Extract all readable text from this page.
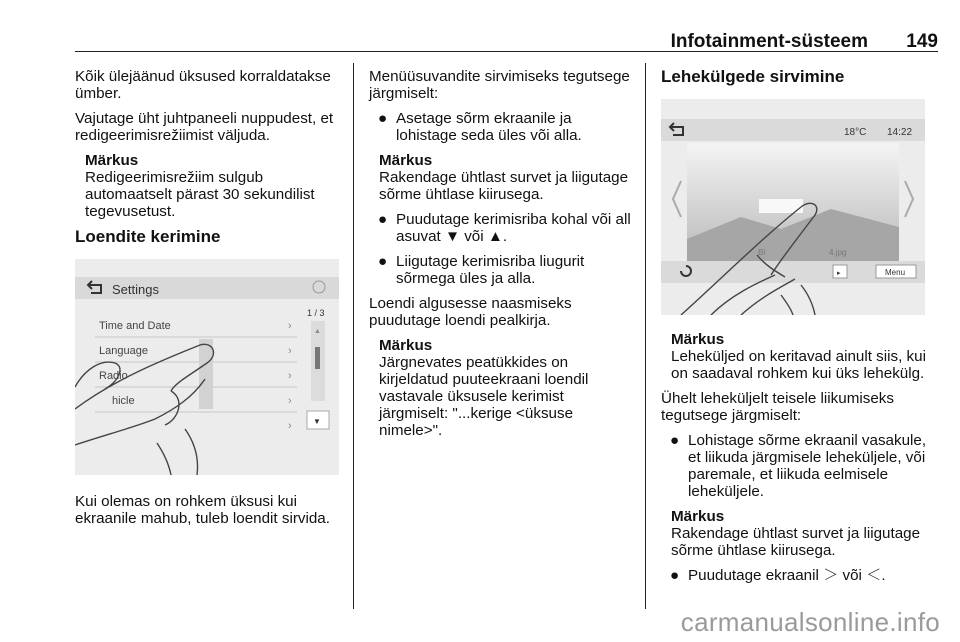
Infotainment-süsteem 149

Kõik ülejäänud üksused korraldatakse ümber.

Vajutage üht juhtpaneeli nuppudest, et redigeerimisrežiimist väljuda.

Märkus
Redigeerimisrežiim sulgub automaatselt pärast 30 sekundilist tegevusetust.
Loendite kerimine
Settings
1 / 3
Time and Date
Language
Radio
hicle
›
›
›
›
›
▲
▼

Kui olemas on rohkem üksusi kui ekraanile mahub, tuleb loendit sirvida.

Menüüsuvandite sirvimiseks tegutsege järgmiselt:

● Asetage sõrm ekraanile ja lohistage seda üles või alla.
Märkus
Rakendage ühtlast survet ja liigutage sõrme ühtlase kiirusega.
● Puudutage kerimisriba kohal või all asuvat ▼ või ▲.
● Liigutage kerimisriba liugurit sõrmega üles ja alla.

Loendi algusesse naasmiseks puudutage loendi pealkirja.

Märkus
Järgnevates peatükkides on kirjeldatud puuteekraani loendil vastavale üksusele kerimist järgmiselt: "...kerige <üksuse nimele>".
Lehekülgede sirvimine
18°C 14:22
Bl	4.jpg
▸	Menu
Märkus
Leheküljed on keritavad ainult siis, kui on saadaval rohkem kui üks lehekülg.

Ühelt leheküljelt teisele liikumiseks tegutsege järgmiselt:

● Lohistage sõrme ekraanil vasakule, et liikuda järgmisele leheküljele, või paremale, et liikuda eelmisele leheküljele.
Märkus
Rakendage ühtlast survet ja liigutage sõrme ühtlase kiirusega.
● Puudutage ekraanil ＞ või ＜.
carmanualsonline.info
